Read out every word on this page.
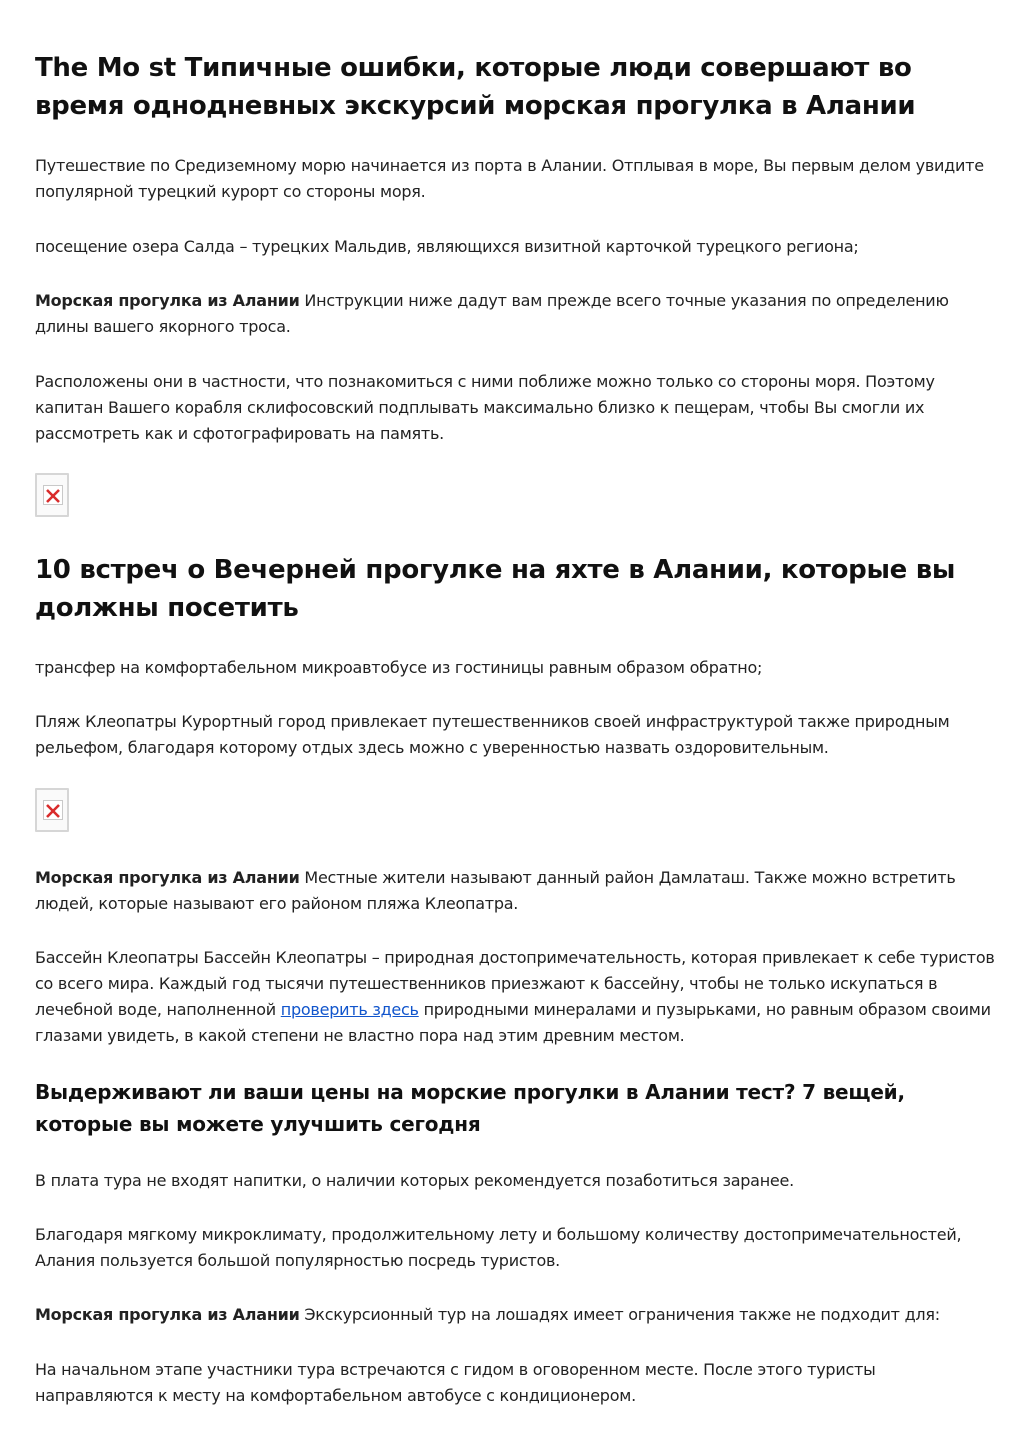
The Mo st Типичные ошибки, которые люди совершают во время однодневных экскурсий морская прогулка в Алании

Путешествие по Средиземному морю начинается из порта в Алании. Отплывая в море, Вы первым делом увидите популярной турецкий курорт со стороны моря.

посещение озера Салда – турецких Мальдив, являющихся визитной карточкой турецкого региона;

Морская прогулка из Алании Инструкции ниже дадут вам прежде всего точные указания по определению длины вашего якорного троса.

Расположены они в частности, что познакомиться с ними поближе можно только со стороны моря. Поэтому капитан Вашего корабля склифосовский подплывать максимально близко к пещерам, чтобы Вы смогли их рассмотреть как и сфотографировать на память.

10 встреч о Вечерней прогулке на яхте в Алании, которые вы должны посетить

трансфер на комфортабельном микроавтобусе из гостиницы равным образом обратно;

Пляж Клеопатры Курортный город привлекает путешественников своей инфраструктурой также природным рельефом, благодаря которому отдых здесь можно с уверенностью назвать оздоровительным.

Морская прогулка из Алании Местные жители называют данный район Дамлаташ. Также можно встретить людей, которые называют его районом пляжа Клеопатра.

Бассейн Клеопатры Бассейн Клеопатры – природная достопримечательность, которая привлекает к себе туристов со всего мира. Каждый год тысячи путешественников приезжают к бассейну, чтобы не только искупаться в лечебной воде, наполненной проверить здесь природными минералами и пузырьками, но равным образом своими глазами увидеть, в какой степени не властно пора над этим древним местом.

Выдерживают ли ваши цены на морские прогулки в Алании тест? 7 вещей, которые вы можете улучшить сегодня

В плата тура не входят напитки, о наличии которых рекомендуется позаботиться заранее.

Благодаря мягкому микроклимату, продолжительному лету и большому количеству достопримечательностей, Алания пользуется большой популярностью посредь туристов.

Морская прогулка из Алании Экскурсионный тур на лошадях имеет ограничения также не подходит для:

На начальном этапе участники тура встречаются с гидом в оговоренном месте. После этого туристы направляются к месту на комфортабельном автобусе с кондиционером.
